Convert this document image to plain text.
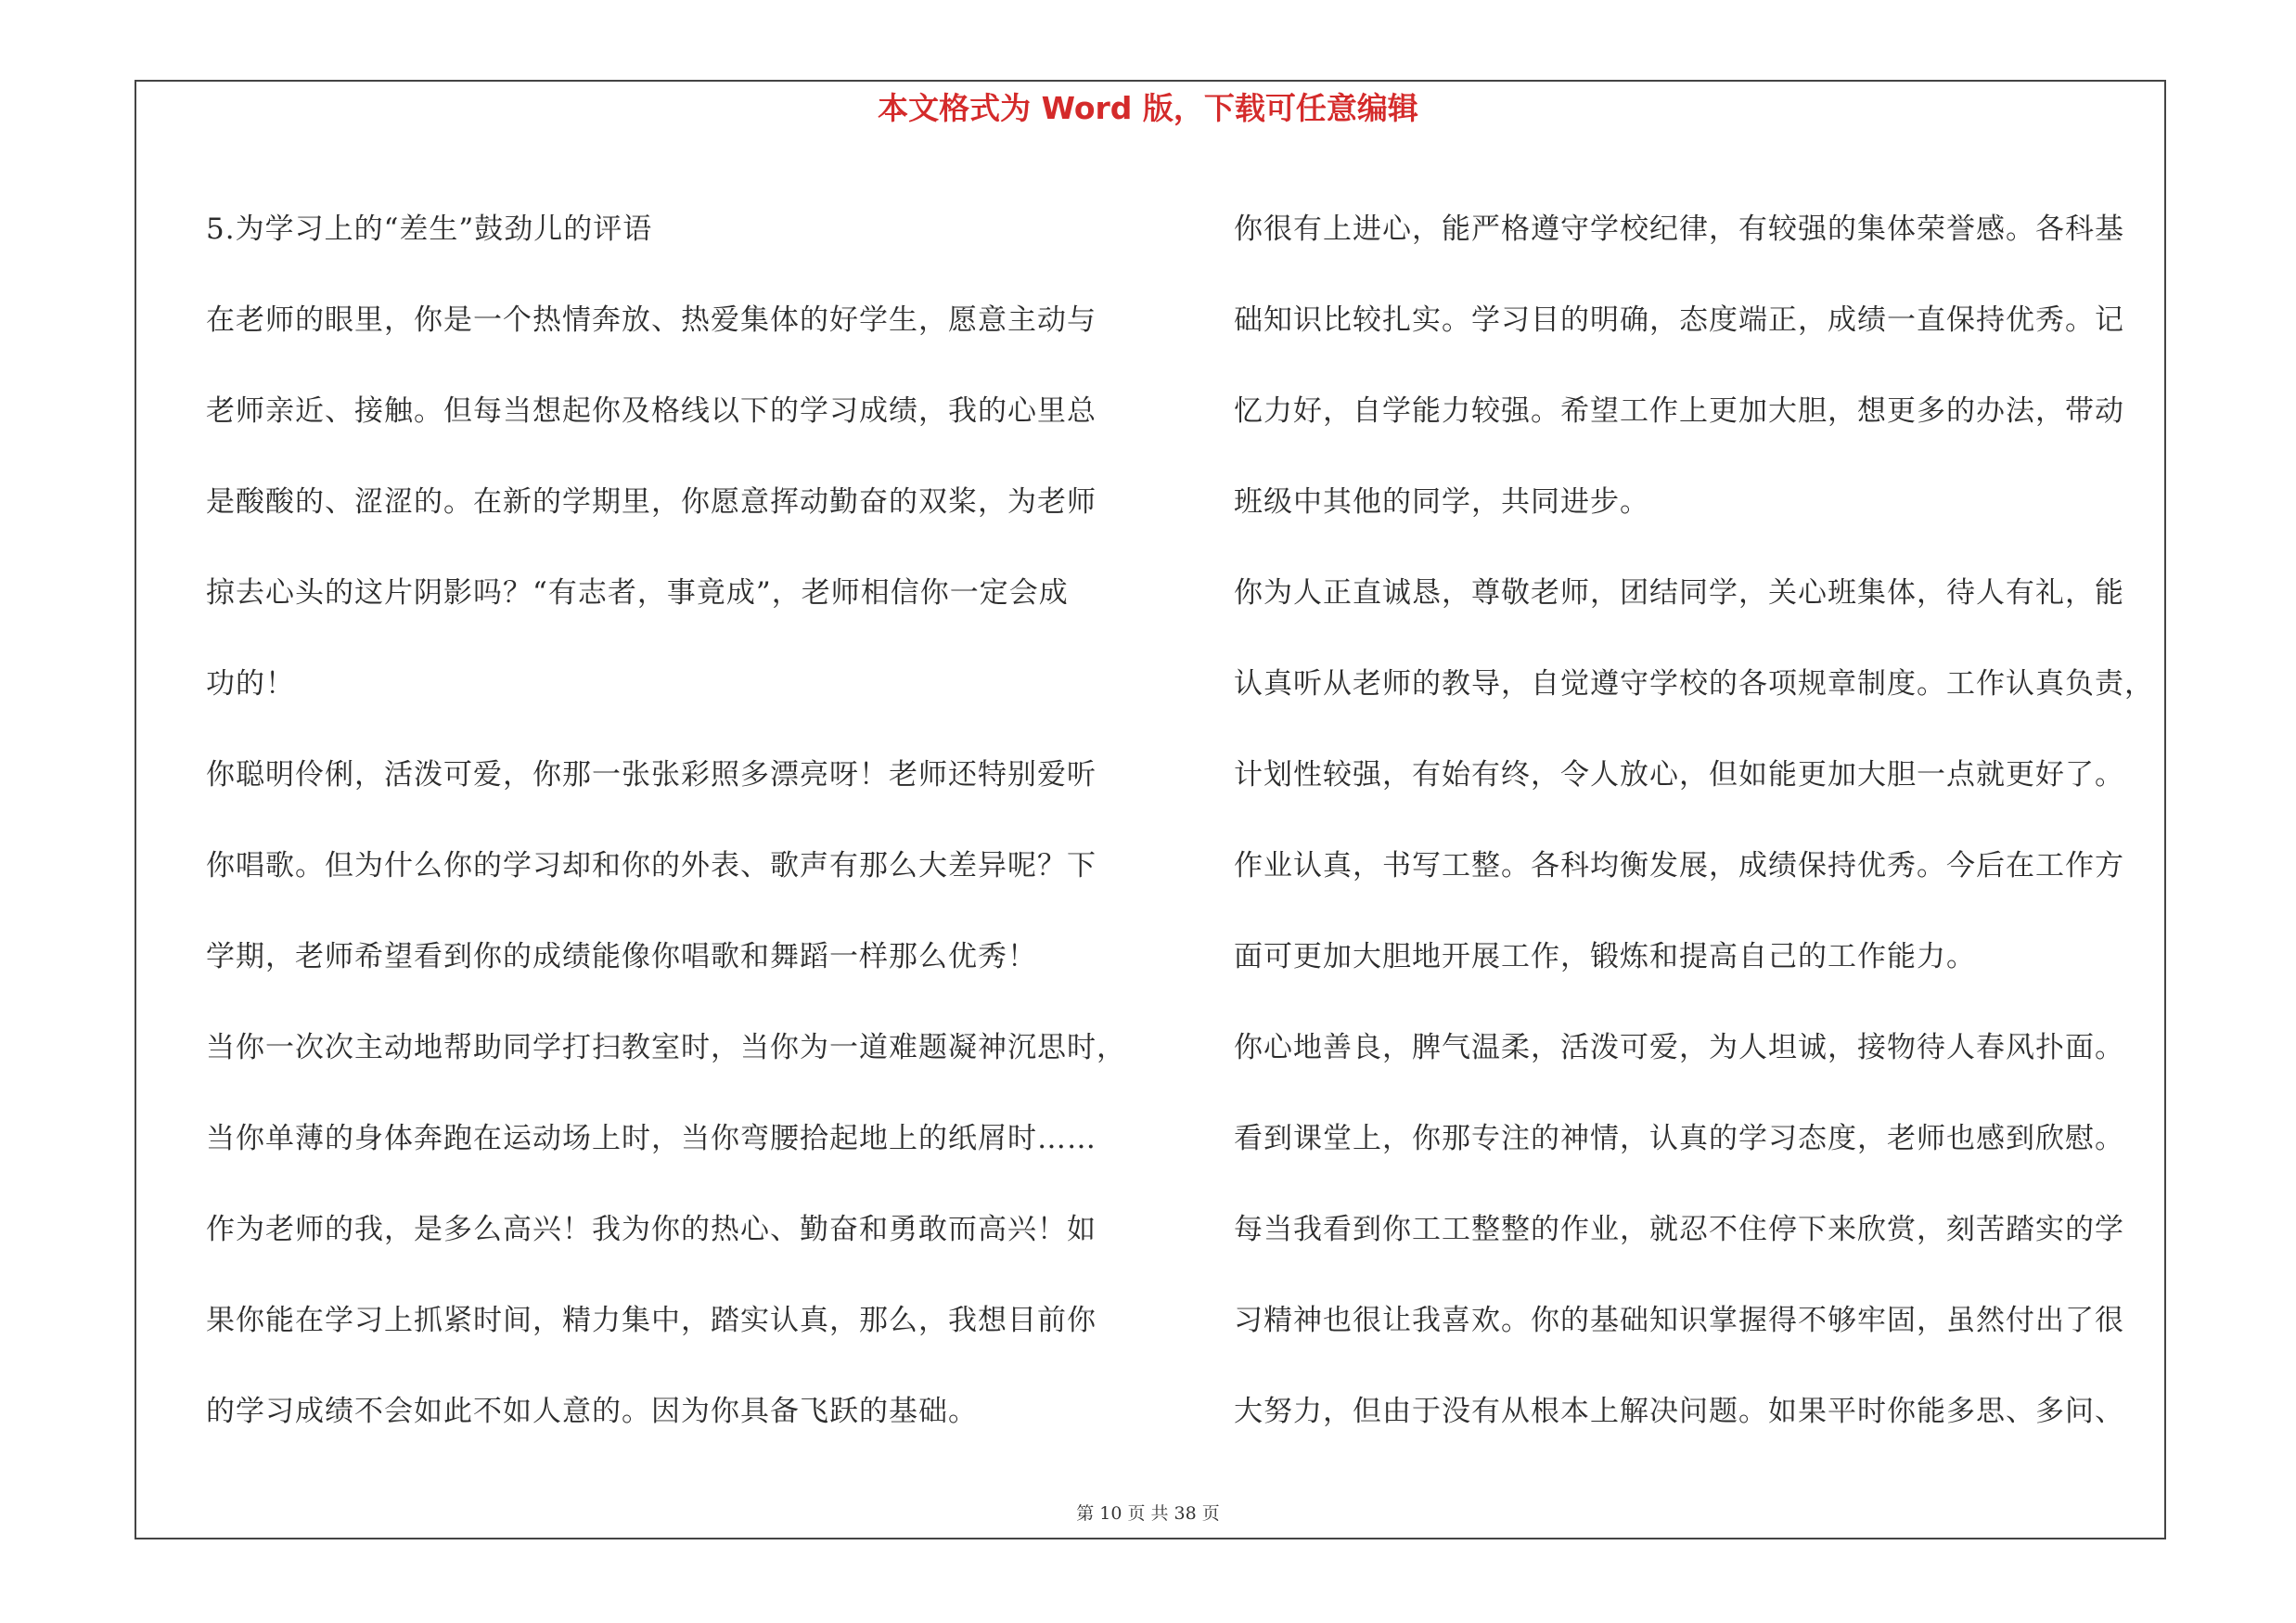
本文格式为 Word 版，下载可任意编辑
5.为学习上的“差生”鼓劲儿的评语
在老师的眼里，你是一个热情奔放、热爱集体的好学生，愿意主动与
老师亲近、接触。但每当想起你及格线以下的学习成绩，我的心里总
是酸酸的、涩涩的。在新的学期里，你愿意挥动勤奋的双桨，为老师
掠去心头的这片阴影吗？“有志者，事竟成”，老师相信你一定会成
功的！
你聪明伶俐，活泼可爱，你那一张张彩照多漂亮呀！老师还特别爱听
你唱歌。但为什么你的学习却和你的外表、歌声有那么大差异呢？下
学期，老师希望看到你的成绩能像你唱歌和舞蹈一样那么优秀！
当你一次次主动地帮助同学打扫教室时，当你为一道难题凝神沉思时，
当你单薄的身体奔跑在运动场上时，当你弯腰拾起地上的纸屑时……
作为老师的我，是多么高兴！我为你的热心、勤奋和勇敢而高兴！如
果你能在学习上抓紧时间，精力集中，踏实认真，那么，我想目前你
的学习成绩不会如此不如人意的。因为你具备飞跃的基础。
你很有上进心，能严格遵守学校纪律，有较强的集体荣誉感。各科基
础知识比较扎实。学习目的明确，态度端正，成绩一直保持优秀。记
忆力好，自学能力较强。希望工作上更加大胆，想更多的办法，带动
班级中其他的同学，共同进步。
你为人正直诚恳，尊敬老师，团结同学，关心班集体，待人有礼，能
认真听从老师的教导，自觉遵守学校的各项规章制度。工作认真负责，
计划性较强，有始有终，令人放心，但如能更加大胆一点就更好了。
作业认真，书写工整。各科均衡发展，成绩保持优秀。今后在工作方
面可更加大胆地开展工作，锻炼和提高自己的工作能力。
你心地善良，脾气温柔，活泼可爱，为人坦诚，接物待人春风扑面。
看到课堂上，你那专注的神情，认真的学习态度，老师也感到欣慰。
每当我看到你工工整整的作业，就忍不住停下来欣赏，刻苦踏实的学
习精神也很让我喜欢。你的基础知识掌握得不够牢固，虽然付出了很
大努力，但由于没有从根本上解决问题。如果平时你能多思、多问、
第 10 页 共 38 页
